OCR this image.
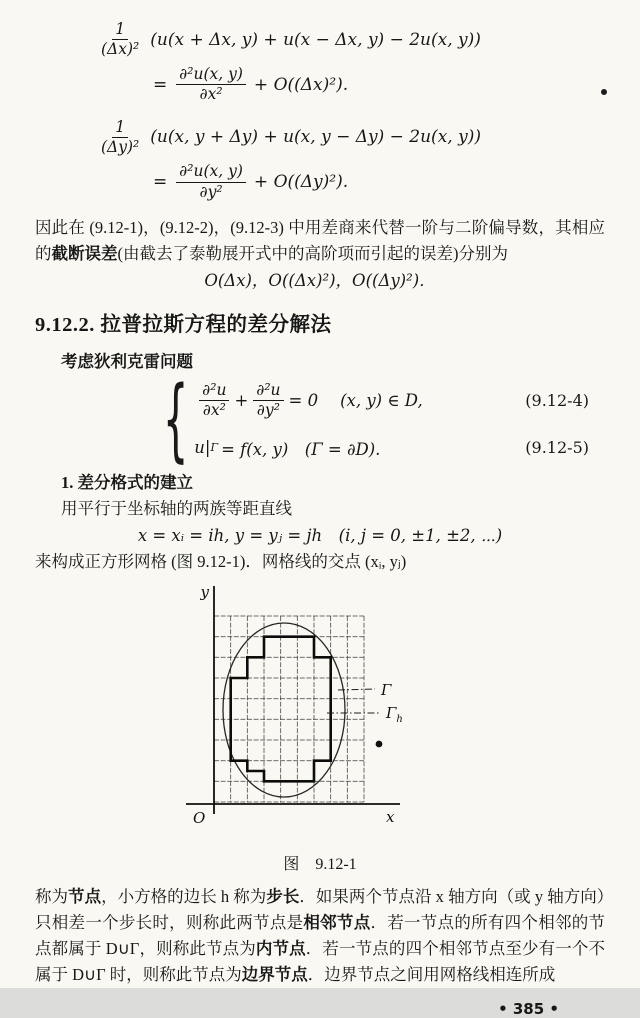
$\frac{1}{\text{(Δx)²}} (u(x + \Delta x$, y) + u(x − Δx, y) − 2u(x, y))
= $\frac{\text{∂²u(x, y)}}{\text{∂x²}} + O((\Delta x)^2)$.
$\frac{1}{\text{(Δy)²}} (u(x$, y + Δy) + u(x, y − Δy) − 2u(x, y))
= $\frac{\text{∂²u(x, y)}}{\text{∂y²}} + O((\Delta y)^2)$.

因此在 (9.12-1)，(9.12-2)，(9.12-3) 中用差商来代替一阶与二阶偏导数，其相应的截断误差(由截去了泰勒展开式中的高阶项而引起的误差)分别为

O(Δx)，O((Δx)²)，O((Δy)²)．
9.12.2. 拉普拉斯方程的差分解法

考虑狄利克雷问题

{ $\frac{\text{∂²u}}{\text{∂x²}} + \frac{\text{∂²u}}{\text{∂y²}} = 0$ (x, y) ∈ D,	(9.12-4)
u | Γ = f(x, y)　(Γ = ∂D).	(9.12-5)

1. 差分格式的建立

用平行于坐标轴的两族等距直线

x = xᵢ = ih, y = yⱼ = jh　(i, j = 0, ±1, ±2, ⋯)

来构成正方形网格 (图 9.12-1)．网格线的交点 (xᵢ, yⱼ)

y
x
O
Γ
$\Gamma_h$
图　9.12-1

称为节点，小方格的边长 h 称为步长．如果两个节点沿 x 轴方向（或 y 轴方向）只相差一个步长时，则称此两节点是相邻节点．若一节点的所有四个相邻的节点都属于 D∪Γ，则称此节点为内节点．若一节点的四个相邻节点至少有一个不属于 D∪Γ 时，则称此节点为边界节点．边界节点之间用网格线相连所成

• 385 •
